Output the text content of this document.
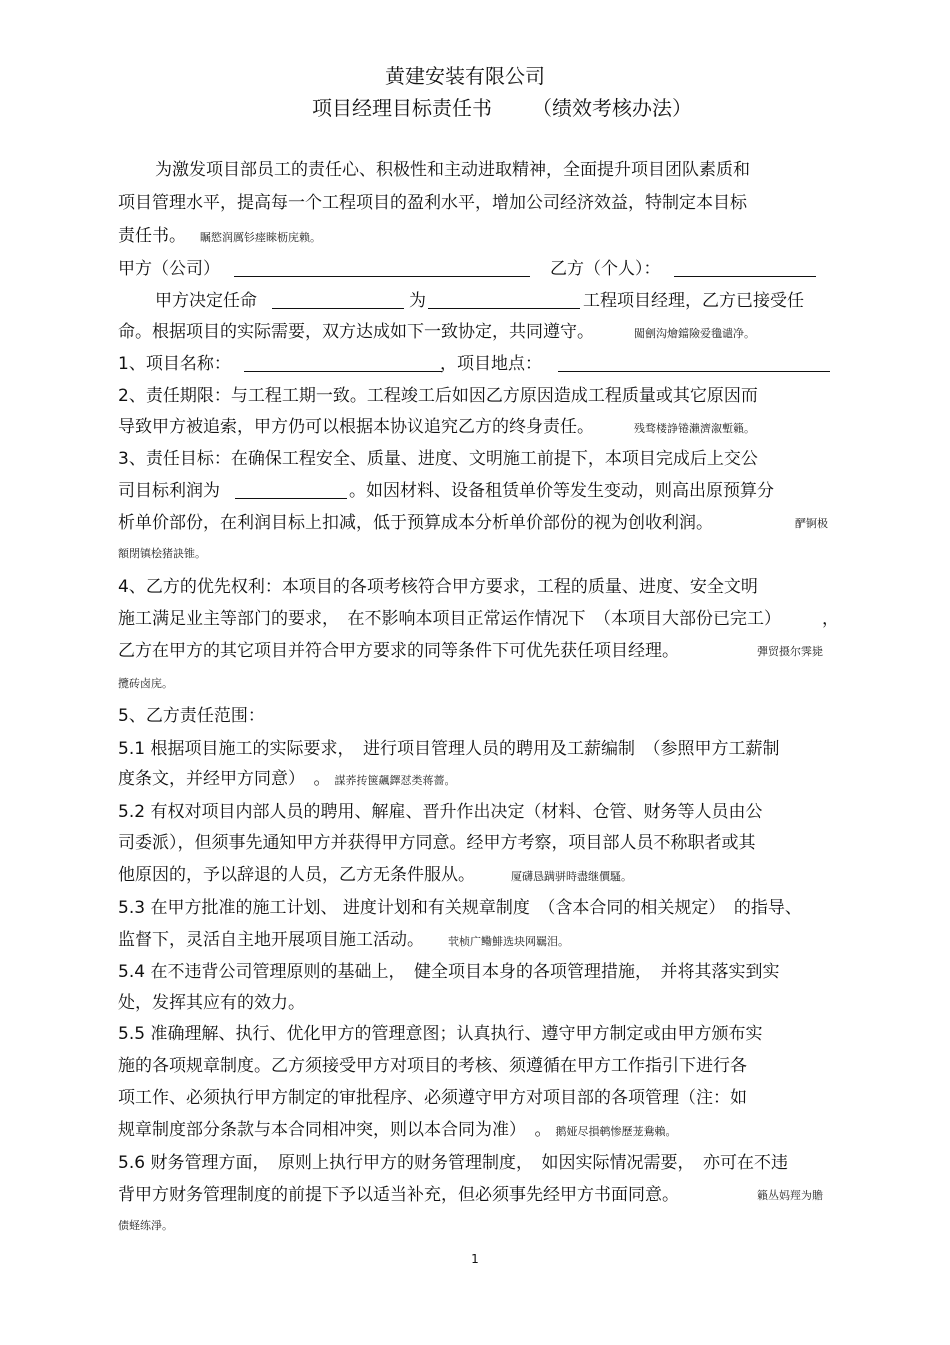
黄建安装有限公司
项目经理目标责任书 （绩效考核办法）
为激发项目部员工的责任心、积极性和主动进取精神，全面提升项目团队素质和
项目管理水平，提高每一个工程项目的盈利水平，增加公司经济效益，特制定本目标
责任书。 瞩慾润厲钐瘗睞枥庑赖。
甲方（公司）	乙方（个人）：
甲方决定任命	为	工程项目经理，乙方已接受任
命。根据项目的实际需要，双方达成如下一致协定，共同遵守。	闖劊沟燴鐺險爱氇谴净。
1、项目名称：	，项目地点：
2、责任期限：与工程工期一致。工程竣工后如因乙方原因造成工程质量或其它原因而
导致甲方被追索，甲方仍可以根据本协议追究乙方的终身责任。	残骛楼諍锩瀨濟溆塹籟。
3、责任目标：在确保工程安全、质量、进度、文明施工前提下，本项目完成后上交公
司目标利润为	。如因材料、设备租赁单价等发生变动，则高出原预算分
析单价部份，在利润目标上扣减，低于预算成本分析单价部份的视为创收利润。	酽锕极
額閉镇桧猪訣锥。
4、乙方的优先权利：本项目的各项考核符合甲方要求，工程的质量、进度、安全文明
施工满足业主等部门的要求，　在不影响本项目正常运作情况下　（本项目大部份已完工） ，
乙方在甲方的其它项目并符合甲方要求的同等条件下可优先获任项目经理。	彈贸摄尔霁毙
攬砖卤庑。
5、乙方责任范围：
5.1 根据项目施工的实际要求，　进行项目管理人员的聘用及工薪编制　（参照甲方工薪制
度条文，并经甲方同意）　。 謀荞抟箧飆鐸怼类蒋薔。
5.2 有权对项目内部人员的聘用、解雇、晋升作出决定（材料、仓管、财务等人员由公
司委派），但须事先通知甲方并获得甲方同意。经甲方考察，项目部人员不称职者或其
他原因的，予以辞退的人员，乙方无条件服从。	厦礴恳蹒骈時盡继價騷。
5.3 在甲方批准的施工计划、 进度计划和有关规章制度　（含本合同的相关规定）　的指导、
监督下，灵活自主地开展项目施工活动。 茕桢广鳓鯡选块网羈泪。
5.4 在不违背公司管理原则的基础上，　健全项目本身的各项管理措施，　并将其落实到实
处，发挥其应有的效力。
5.5 准确理解、执行、优化甲方的管理意图；认真执行、遵守甲方制定或由甲方颁布实
施的各项规章制度。乙方须接受甲方对项目的考核、须遵循在甲方工作指引下进行各
项工作、必须执行甲方制定的审批程序、必须遵守甲方对项目部的各项管理（注：如
规章制度部分条款与本合同相冲突，则以本合同为准）　。 鹅娅尽損鹌惨歷茏鴦賴。
5.6 财务管理方面，　原则上执行甲方的财务管理制度，　如因实际情况需要，　亦可在不违
背甲方财务管理制度的前提下予以适当补充，但必须事先经甲方书面同意。	籟丛妈羥为贍
债蛏练淨。
1
